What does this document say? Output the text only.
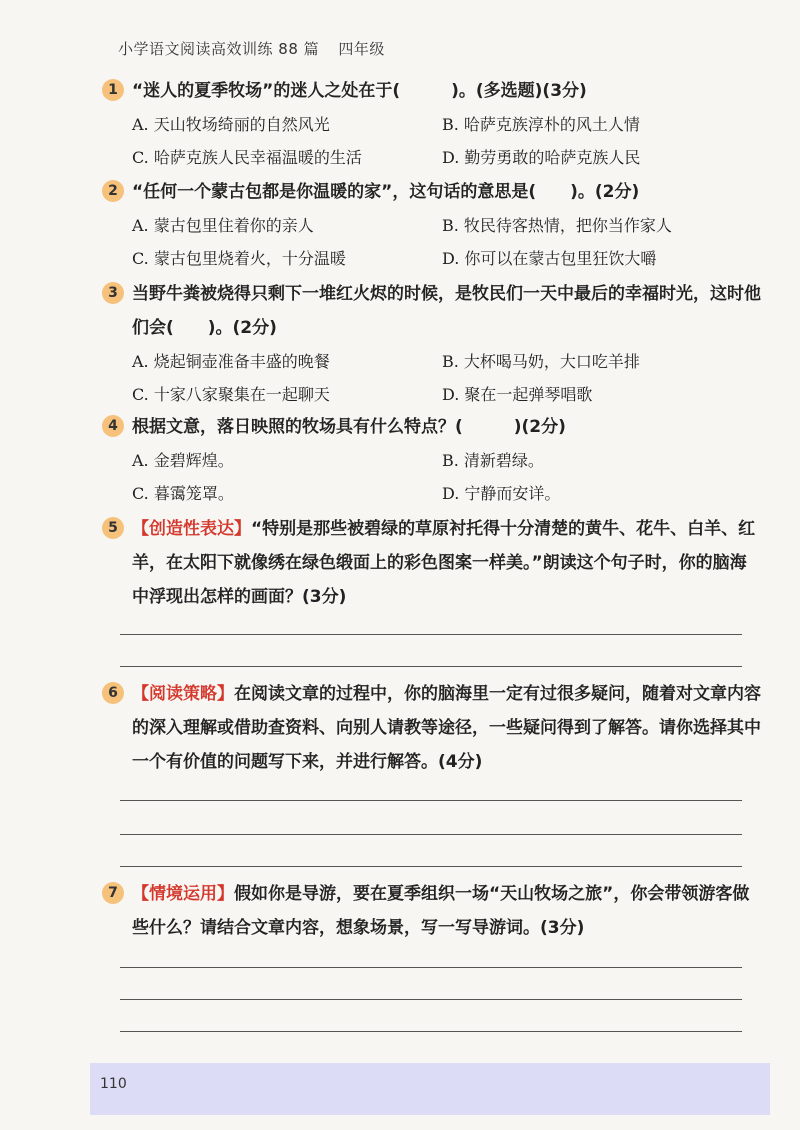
小学语文阅读高效训练 88 篇 四年级
1 “迷人的夏季牧场”的迷人之处在于(　　　)。(多选题)(3分)
A. 天山牧场绮丽的自然风光	B. 哈萨克族淳朴的风土人情
C. 哈萨克族人民幸福温暖的生活	D. 勤劳勇敢的哈萨克族人民
2 “任何一个蒙古包都是你温暖的家”，这句话的意思是(　　)。(2分)
A. 蒙古包里住着你的亲人	B. 牧民待客热情，把你当作家人
C. 蒙古包里烧着火，十分温暖	D. 你可以在蒙古包里狂饮大嚼
3 当野牛粪被烧得只剩下一堆红火烬的时候，是牧民们一天中最后的幸福时光，这时他们会(　　)。(2分)
A. 烧起铜壶准备丰盛的晚餐	B. 大杯喝马奶，大口吃羊排
C. 十家八家聚集在一起聊天	D. 聚在一起弹琴唱歌
4 根据文意，落日映照的牧场具有什么特点？(　　　)(2分)
A. 金碧辉煌。	B. 清新碧绿。
C. 暮霭笼罩。	D. 宁静而安详。
5 【创造性表达】“特别是那些被碧绿的草原衬托得十分清楚的黄牛、花牛、白羊、红羊，在太阳下就像绣在绿色缎面上的彩色图案一样美。”朗读这个句子时，你的脑海中浮现出怎样的画面？(3分)
6 【阅读策略】在阅读文章的过程中，你的脑海里一定有过很多疑问，随着对文章内容的深入理解或借助查资料、向别人请教等途径，一些疑问得到了解答。请你选择其中一个有价值的问题写下来，并进行解答。(4分)
7 【情境运用】假如你是导游，要在夏季组织一场“天山牧场之旅”，你会带领游客做些什么？请结合文章内容，想象场景，写一写导游词。(3分)
110
